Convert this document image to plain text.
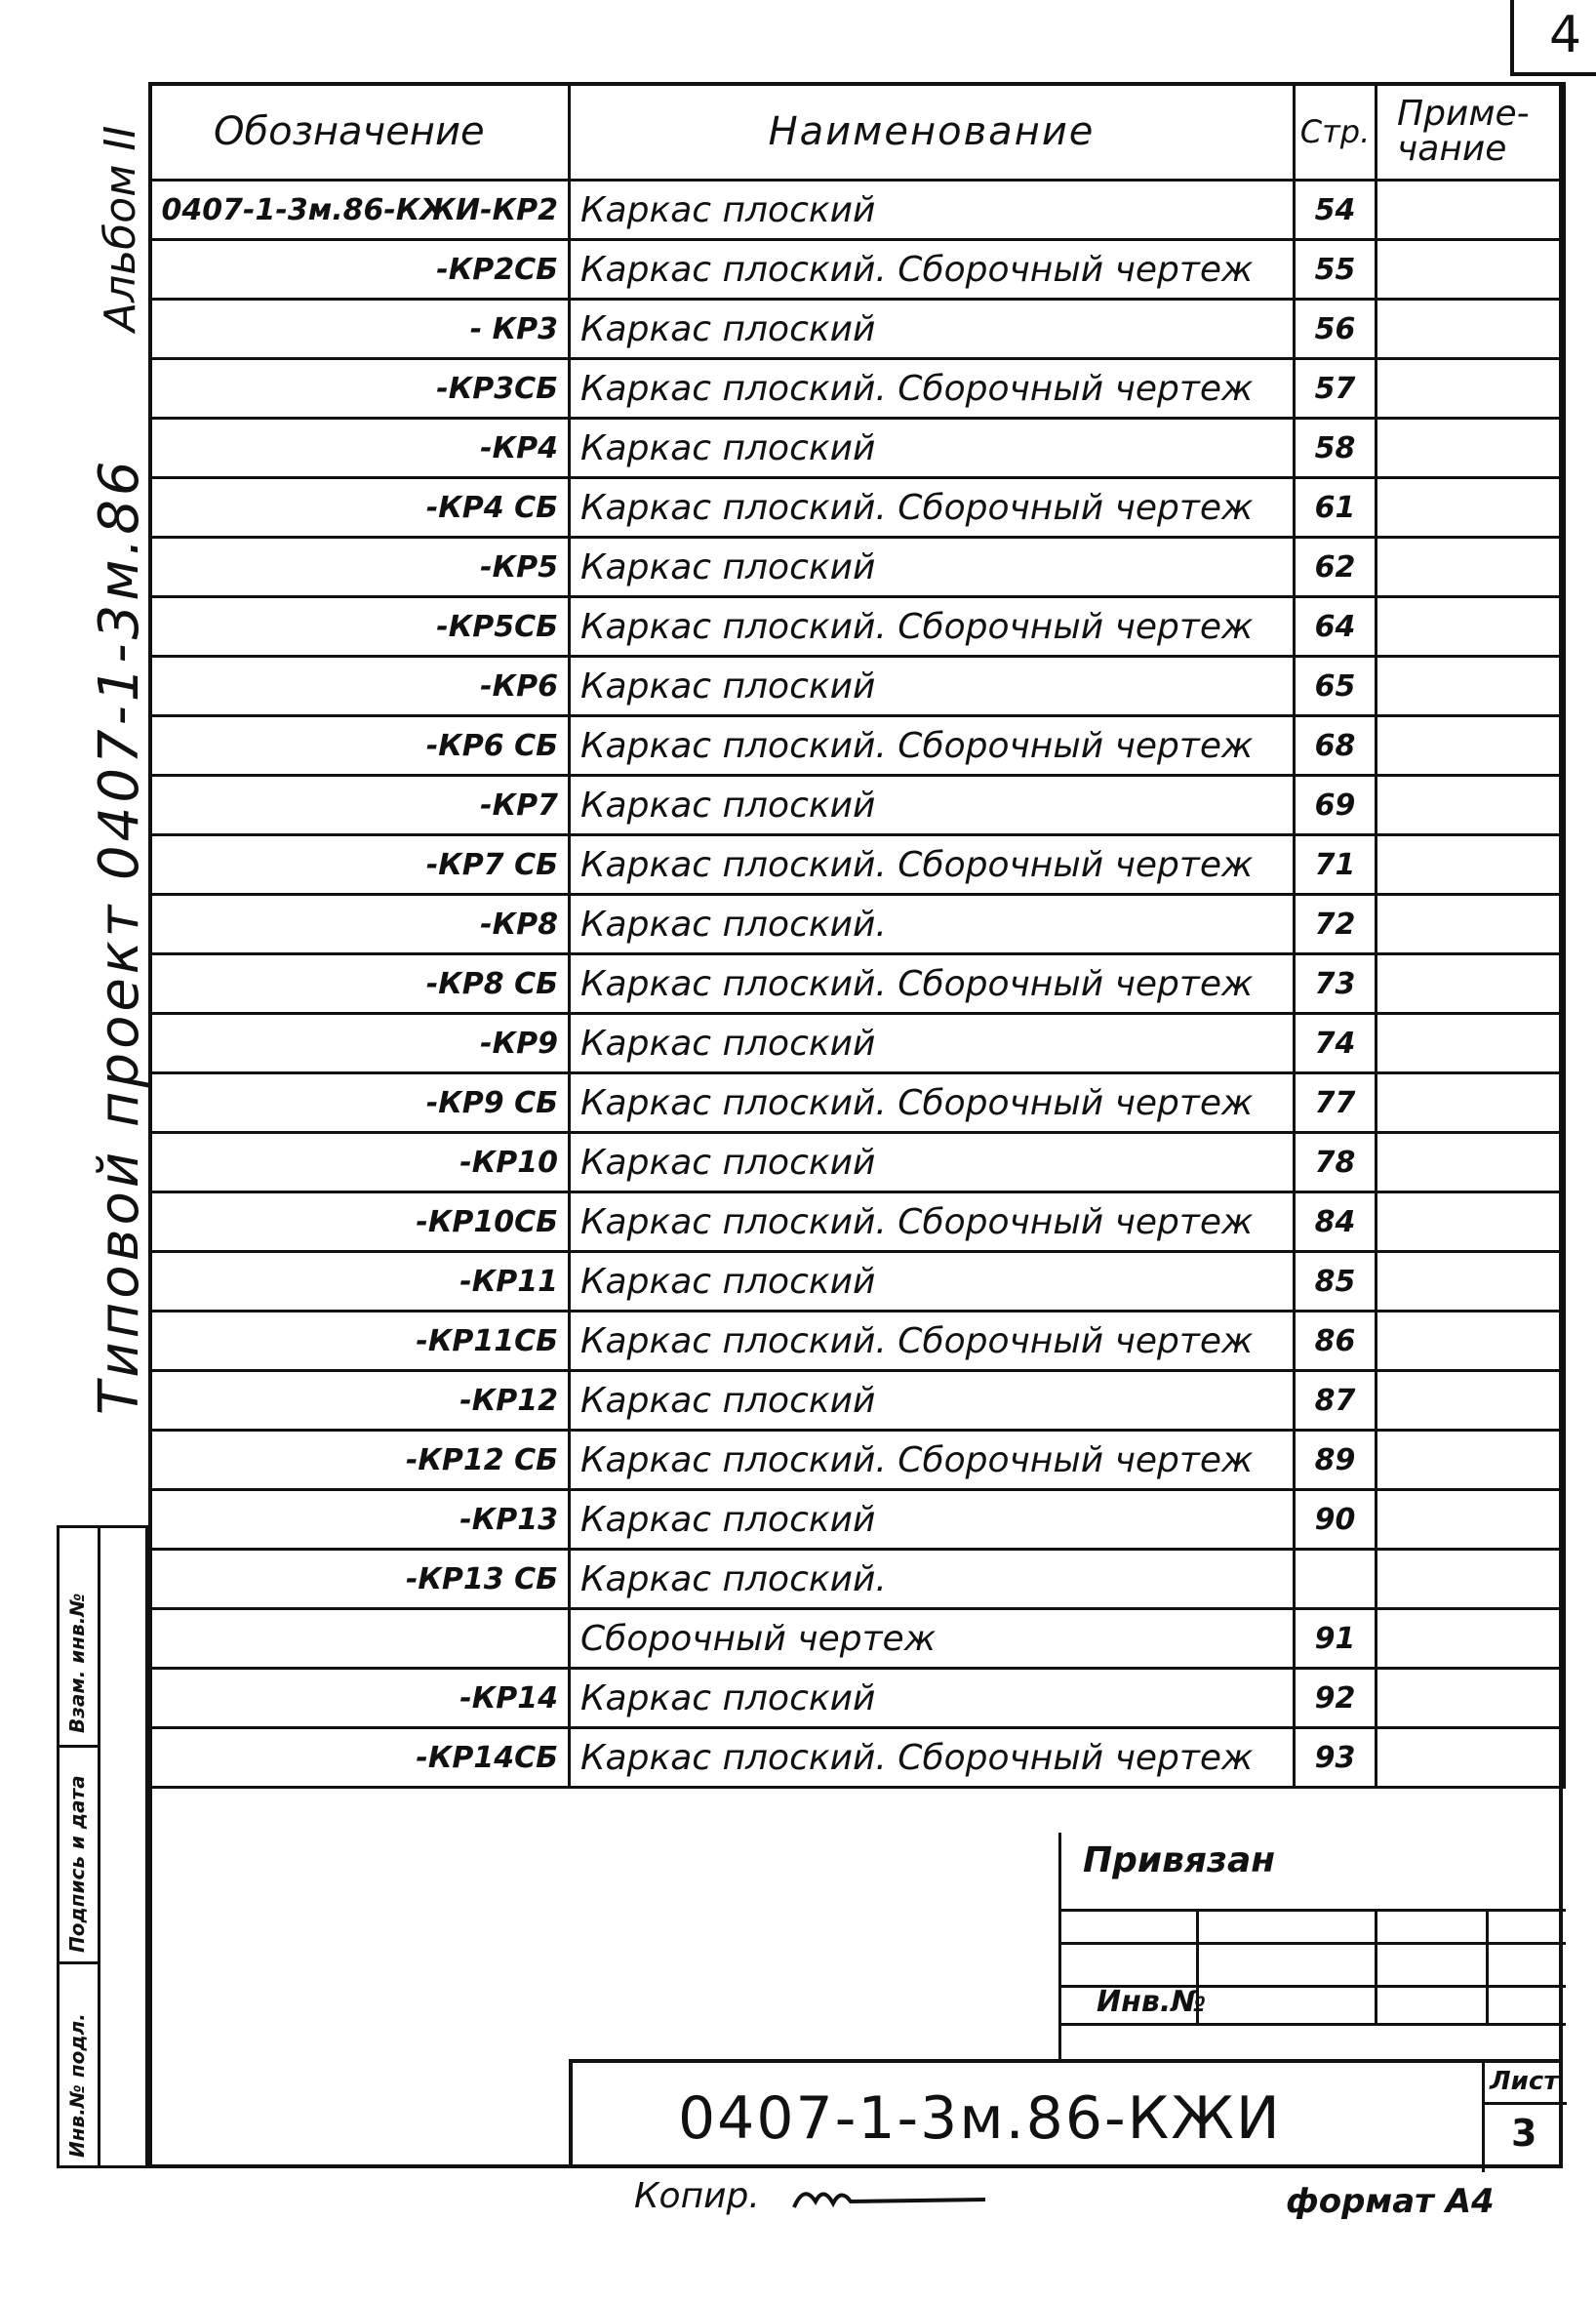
4
Альбом II
Типовой проект 0407-1-3м.86
Обозначение	Наименование	Стр.	Приме-чание
0407-1-3м.86-КЖИ-КР2	Каркас плоский	54	
-КР2СБ	Каркас плоский. Сборочный чертеж	55	
- КР3	Каркас плоский	56	
-КР3СБ	Каркас плоский. Сборочный чертеж	57	
-КР4	Каркас плоский	58	
-КР4 СБ	Каркас плоский. Сборочный чертеж	61	
-КР5	Каркас плоский	62	
-КР5СБ	Каркас плоский. Сборочный чертеж	64	
-КР6	Каркас плоский	65	
-КР6 СБ	Каркас плоский. Сборочный чертеж	68	
-КР7	Каркас плоский	69	
-КР7 СБ	Каркас плоский. Сборочный чертеж	71	
-КР8	Каркас плоский.	72	
-КР8 СБ	Каркас плоский. Сборочный чертеж	73	
-КР9	Каркас плоский	74	
-КР9 СБ	Каркас плоский. Сборочный чертеж	77	
-КР10	Каркас плоский	78	
-КР10СБ	Каркас плоский. Сборочный чертеж	84	
-КР11	Каркас плоский	85	
-КР11СБ	Каркас плоский. Сборочный чертеж	86	
-КР12	Каркас плоский	87	
-КР12 СБ	Каркас плоский. Сборочный чертеж	89	
-КР13	Каркас плоский	90	
-КР13 СБ	Каркас плоский.		
	Сборочный чертеж	91	
-КР14	Каркас плоский	92	
-КР14СБ	Каркас плоский. Сборочный чертеж	93	
Взам. инв.№
Подпись и дата
Инв.№ подл.
Привязан
Инв.№
0407-1-3м.86-КЖИ
Лист
3
Копир.	формат А4
